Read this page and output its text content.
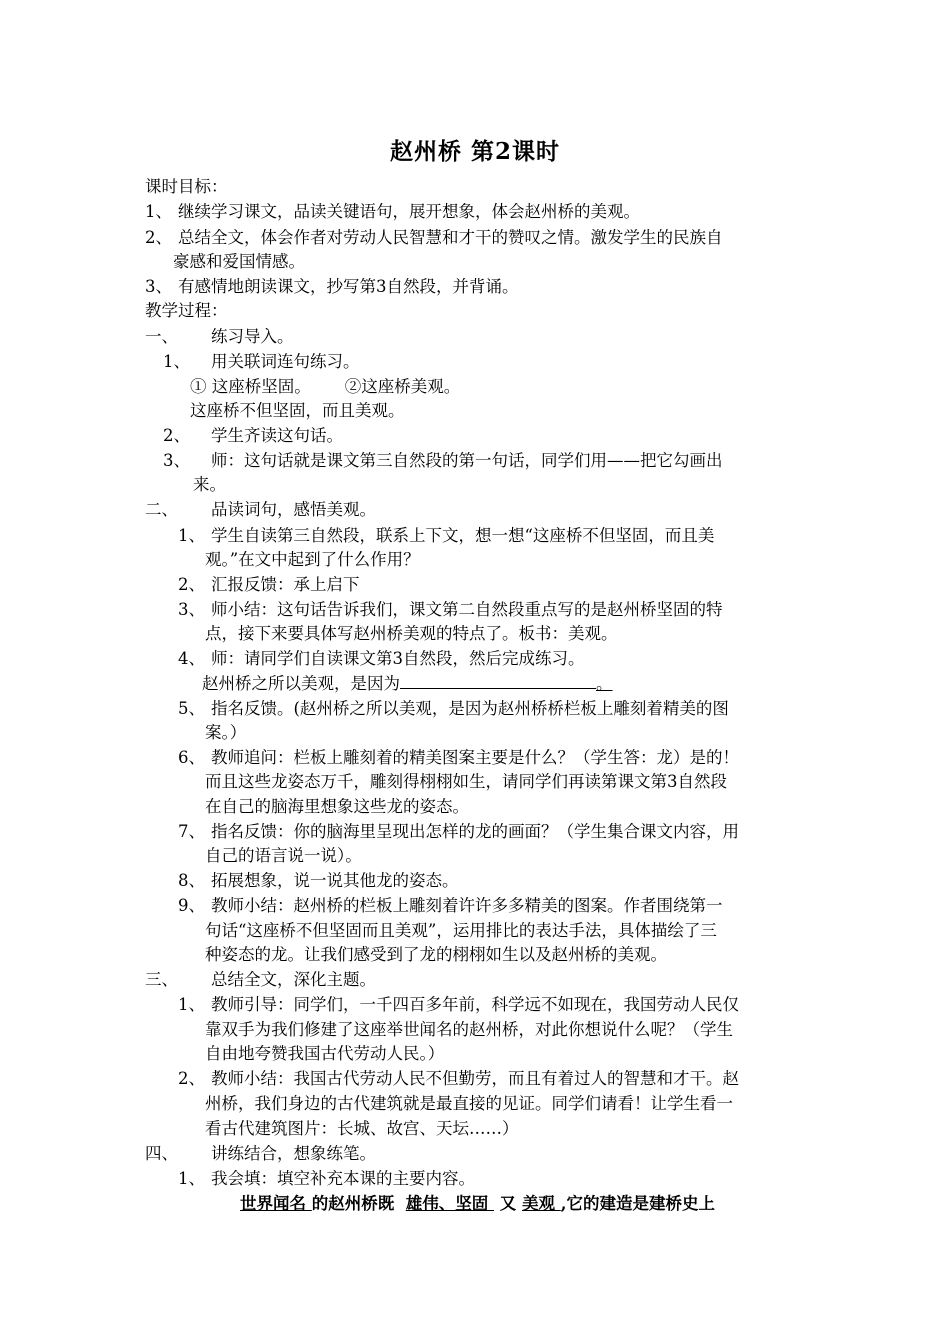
赵州桥 第2课时
课时目标：
1、 继续学习课文，品读关键语句，展开想象，体会赵州桥的美观。
2、 总结全文，体会作者对劳动人民智慧和才干的赞叹之情。激发学生的民族自
豪感和爱国情感。
3、 有感情地朗读课文，抄写第3自然段，并背诵。
教学过程：
一、 练习导入。
1、 用关联词连句练习。
① 这座桥坚固。 ②这座桥美观。
这座桥不但坚固，而且美观。
2、 学生齐读这句话。
3、 师：这句话就是课文第三自然段的第一句话，同学们用——把它勾画出
来。
二、 品读词句，感悟美观。
1、 学生自读第三自然段，联系上下文，想一想“这座桥不但坚固，而且美
观。”在文中起到了什么作用？
2、 汇报反馈：承上启下
3、 师小结：这句话告诉我们，课文第二自然段重点写的是赵州桥坚固的特
点，接下来要具体写赵州桥美观的特点了。板书：美观。
4、 师：请同学们自读课文第3自然段，然后完成练习。
赵州桥之所以美观，是因为	。
5、 指名反馈。(赵州桥之所以美观，是因为赵州桥桥栏板上雕刻着精美的图
案。）
6、 教师追问：栏板上雕刻着的精美图案主要是什么？（学生答：龙）是的！
而且这些龙姿态万千，雕刻得栩栩如生，请同学们再读第课文第3自然段
在自己的脑海里想象这些龙的姿态。
7、 指名反馈：你的脑海里呈现出怎样的龙的画面？（学生集合课文内容，用
自己的语言说一说）。
8、 拓展想象，说一说其他龙的姿态。
9、 教师小结：赵州桥的栏板上雕刻着许许多多精美的图案。作者围绕第一
句话“这座桥不但坚固而且美观”，运用排比的表达手法，具体描绘了三
种姿态的龙。让我们感受到了龙的栩栩如生以及赵州桥的美观。
三、 总结全文，深化主题。
1、 教师引导：同学们，一千四百多年前，科学远不如现在，我国劳动人民仅
靠双手为我们修建了这座举世闻名的赵州桥，对此你想说什么呢？（学生
自由地夸赞我国古代劳动人民。）
2、 教师小结：我国古代劳动人民不但勤劳，而且有着过人的智慧和才干。赵
州桥，我们身边的古代建筑就是最直接的见证。同学们请看！让学生看一
看古代建筑图片：长城、故宫、天坛……）
四、 讲练结合，想象练笔。
1、 我会填：填空补充本课的主要内容。
世界闻名 的赵州桥既 雄伟、坚固  又 美观 ,它的建造是建桥史上
